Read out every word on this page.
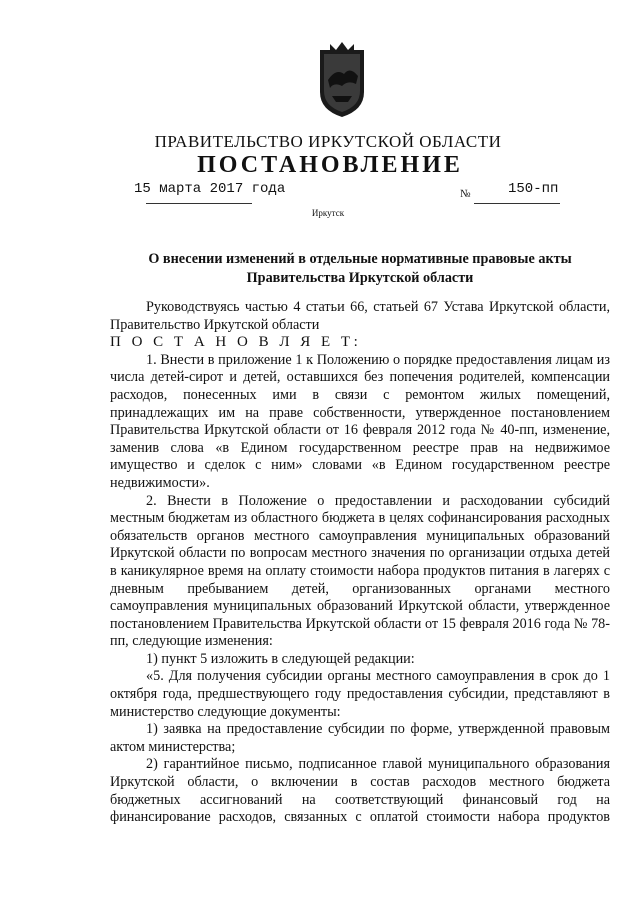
ПРАВИТЕЛЬСТВО ИРКУТСКОЙ ОБЛАСТИ
ПОСТАНОВЛЕНИЕ
15 марта 2017 года	№	150-пп
Иркутск
О внесении изменений в отдельные нормативные правовые акты
Правительства Иркутской области

Руководствуясь частью 4 статьи 66, статьей 67 Устава Иркутской области, Правительство Иркутской области

П О С Т А Н О В Л Я Е Т:

1. Внести в приложение 1 к Положению о порядке предоставления лицам из числа детей-сирот и детей, оставшихся без попечения родителей, компенсации расходов, понесенных ими в связи с ремонтом жилых помещений, принадлежащих им на праве собственности, утвержденное постановлением Правительства Иркутской области от 16 февраля 2012 года № 40-пп, изменение, заменив слова «в Едином государственном реестре прав на недвижимое имущество и сделок с ним» словами «в Едином государственном реестре недвижимости».

2. Внести в Положение о предоставлении и расходовании субсидий местным бюджетам из областного бюджета в целях софинансирования расходных обязательств органов местного самоуправления муниципальных образований Иркутской области по вопросам местного значения по организации отдыха детей в каникулярное время на оплату стоимости набора продуктов питания в лагерях с дневным пребыванием детей, организованных органами местного самоуправления муниципальных образований Иркутской области, утвержденное постановлением Правительства Иркутской области от 15 февраля 2016 года № 78-пп, следующие изменения:

1) пункт 5 изложить в следующей редакции:

«5. Для получения субсидии органы местного самоуправления в срок до 1 октября года, предшествующего году предоставления субсидии, представляют в министерство следующие документы:

1) заявка на предоставление субсидии по форме, утвержденной правовым актом министерства;

2) гарантийное письмо, подписанное главой муниципального образования Иркутской области, о включении в состав расходов местного бюджета бюджетных ассигнований на соответствующий финансовый год на финансирование расходов, связанных с оплатой стоимости набора продуктов
